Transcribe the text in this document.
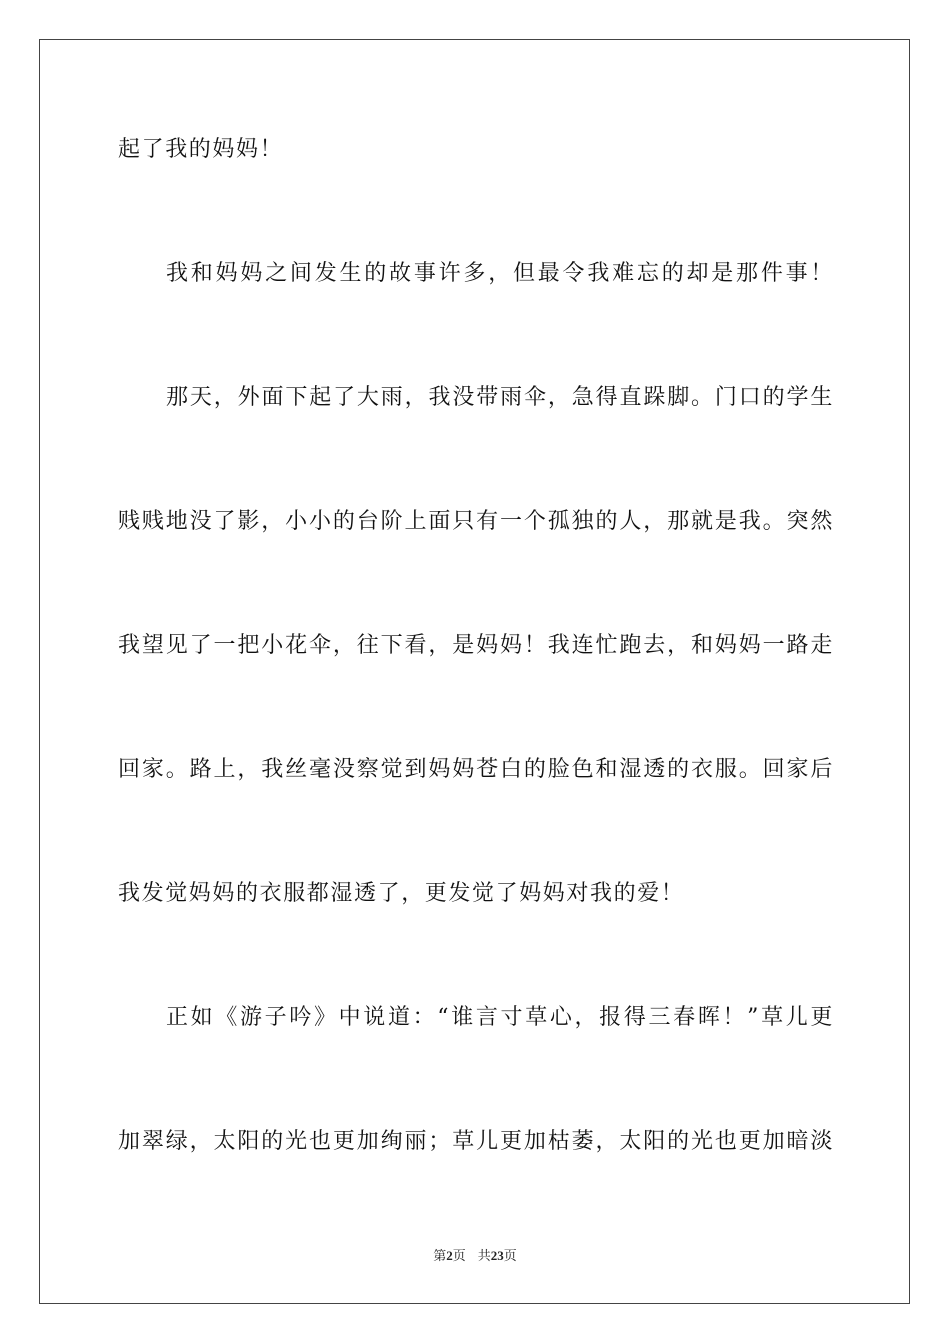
起了我的妈妈！
我和妈妈之间发生的故事许多，但最令我难忘的却是那件事！
那天，外面下起了大雨，我没带雨伞，急得直跺脚。门口的学生
贱贱地没了影，小小的台阶上面只有一个孤独的人，那就是我。突然
我望见了一把小花伞，往下看，是妈妈！我连忙跑去，和妈妈一路走
回家。路上，我丝毫没察觉到妈妈苍白的脸色和湿透的衣服。回家后
我发觉妈妈的衣服都湿透了，更发觉了妈妈对我的爱！
正如《游子吟》中说道：“谁言寸草心，报得三春晖！”草儿更
加翠绿，太阳的光也更加绚丽；草儿更加枯萎，太阳的光也更加暗淡
第2页 共23页
